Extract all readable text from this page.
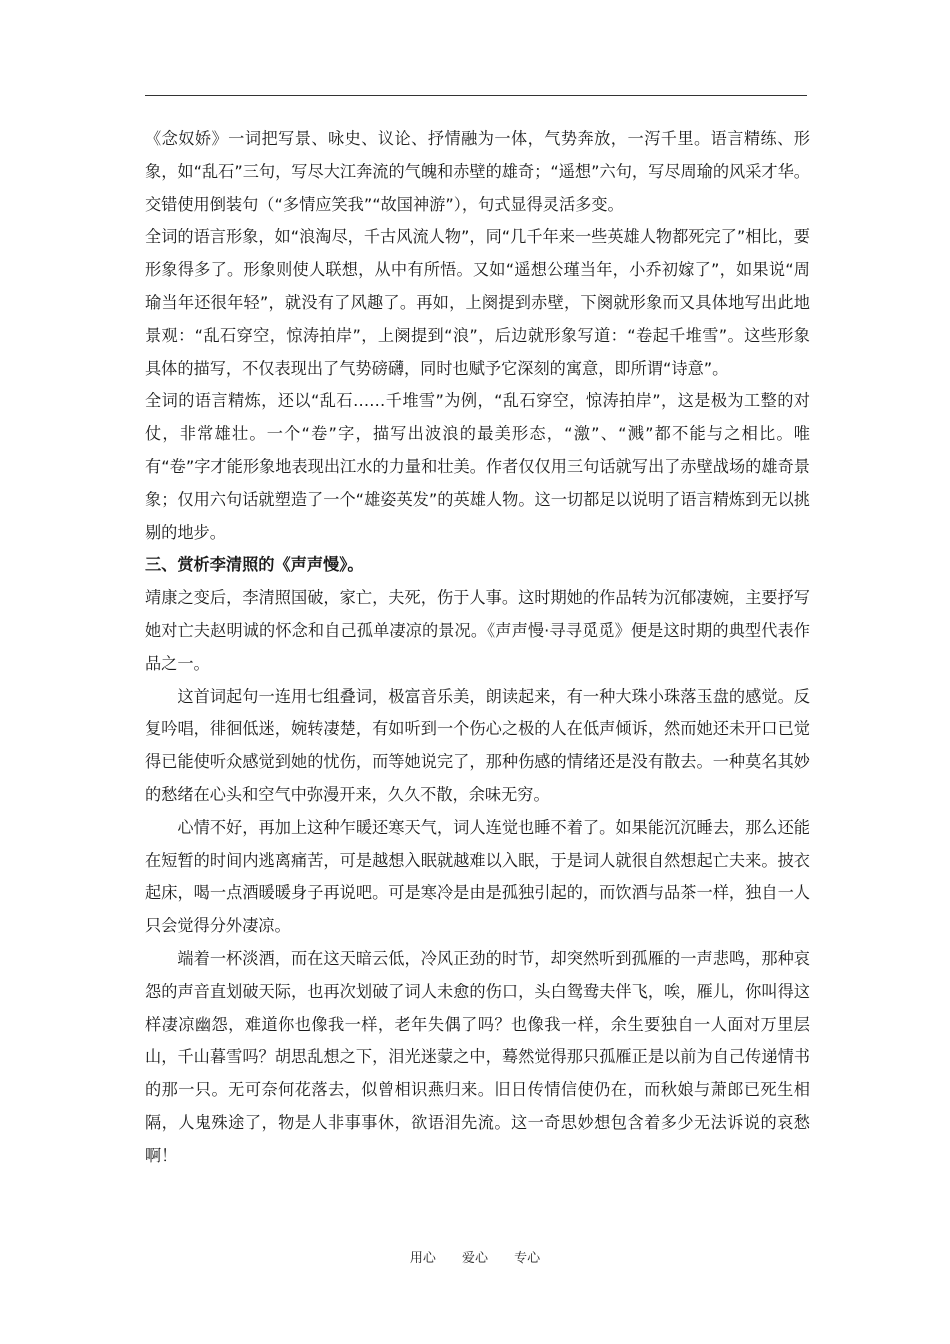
《念奴娇》一词把写景、咏史、议论、抒情融为一体，气势奔放，一泻千里。语言精练、形象，如“乱石”三句，写尽大江奔流的气魄和赤壁的雄奇；“遥想”六句，写尽周瑜的风采才华。交错使用倒装句（“多情应笑我”“故国神游”），句式显得灵活多变。

全词的语言形象，如“浪淘尽，千古风流人物”，同“几千年来一些英雄人物都死完了”相比，要形象得多了。形象则使人联想，从中有所悟。又如“遥想公瑾当年，小乔初嫁了”，如果说“周瑜当年还很年轻”，就没有了风趣了。再如，上阕提到赤壁，下阕就形象而又具体地写出此地景观：“乱石穿空，惊涛拍岸”，上阕提到“浪”，后边就形象写道：“卷起千堆雪”。这些形象具体的描写，不仅表现出了气势磅礴，同时也赋予它深刻的寓意，即所谓“诗意”。

全词的语言精炼，还以“乱石……千堆雪”为例，“乱石穿空，惊涛拍岸”，这是极为工整的对仗，非常雄壮。一个“卷”字，描写出波浪的最美形态，“激”、“溅”都不能与之相比。唯有“卷”字才能形象地表现出江水的力量和壮美。作者仅仅用三句话就写出了赤壁战场的雄奇景象；仅用六句话就塑造了一个“雄姿英发”的英雄人物。这一切都足以说明了语言精炼到无以挑剔的地步。

三、赏析李清照的《声声慢》。

靖康之变后，李清照国破，家亡，夫死，伤于人事。这时期她的作品转为沉郁凄婉，主要抒写她对亡夫赵明诚的怀念和自己孤单凄凉的景况。《声声慢·寻寻觅觅》便是这时期的典型代表作品之一。

这首词起句一连用七组叠词，极富音乐美，朗读起来，有一种大珠小珠落玉盘的感觉。反复吟唱，徘徊低迷，婉转凄楚，有如听到一个伤心之极的人在低声倾诉，然而她还未开口已觉得已能使听众感觉到她的忧伤，而等她说完了，那种伤感的情绪还是没有散去。一种莫名其妙的愁绪在心头和空气中弥漫开来，久久不散，余味无穷。

心情不好，再加上这种乍暖还寒天气，词人连觉也睡不着了。如果能沉沉睡去，那么还能在短暂的时间内逃离痛苦，可是越想入眠就越难以入眠，于是词人就很自然想起亡夫来。披衣起床，喝一点酒暖暖身子再说吧。可是寒冷是由是孤独引起的，而饮酒与品茶一样，独自一人只会觉得分外凄凉。

端着一杯淡酒，而在这天暗云低，冷风正劲的时节，却突然听到孤雁的一声悲鸣，那种哀怨的声音直划破天际，也再次划破了词人未愈的伤口，头白鸳鸯夫伴飞，唉，雁儿，你叫得这样凄凉幽怨，难道你也像我一样，老年失偶了吗？也像我一样，余生要独自一人面对万里层山，千山暮雪吗？胡思乱想之下，泪光迷蒙之中，蓦然觉得那只孤雁正是以前为自己传递情书的那一只。无可奈何花落去，似曾相识燕归来。旧日传情信使仍在，而秋娘与萧郎已死生相隔，人鬼殊途了，物是人非事事休，欲语泪先流。这一奇思妙想包含着多少无法诉说的哀愁啊！

用心 爱心 专心
